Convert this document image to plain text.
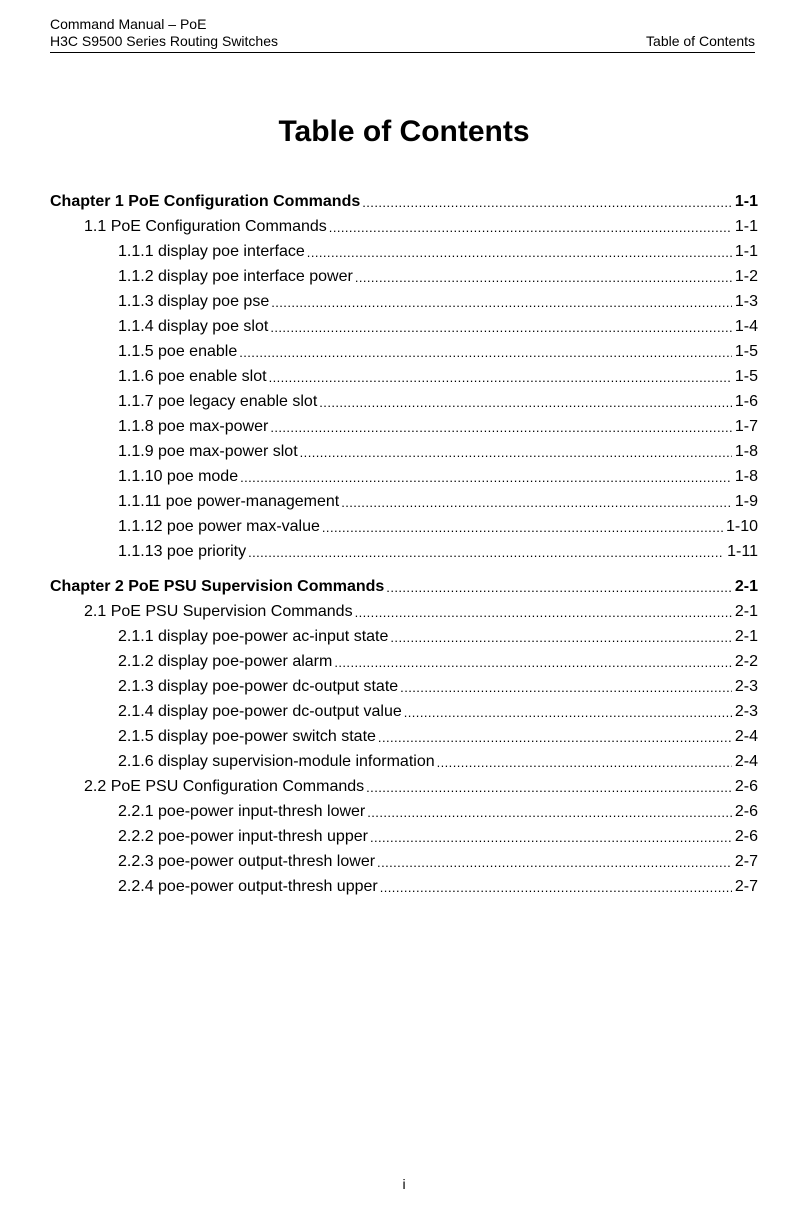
Command Manual – PoE
H3C S9500 Series Routing Switches	Table of Contents
Table of Contents
Chapter 1 PoE Configuration Commands . . .	1-1
1.1 PoE Configuration Commands . . .	1-1
1.1.1 display poe interface . . .	1-1
1.1.2 display poe interface power . . .	1-2
1.1.3 display poe pse . . .	1-3
1.1.4 display poe slot . . .	1-4
1.1.5 poe enable . . .	1-5
1.1.6 poe enable slot . . .	1-5
1.1.7 poe legacy enable slot . . .	1-6
1.1.8 poe max-power . . .	1-7
1.1.9 poe max-power slot . . .	1-8
1.1.10 poe mode . . .	1-8
1.1.11 poe power-management . . .	1-9
1.1.12 poe power max-value . . .	1-10
1.1.13 poe priority . . .	1-11
Chapter 2 PoE PSU Supervision Commands . . .	2-1
2.1 PoE PSU Supervision Commands . . .	2-1
2.1.1 display poe-power ac-input state . . .	2-1
2.1.2 display poe-power alarm . . .	2-2
2.1.3 display poe-power dc-output state . . .	2-3
2.1.4 display poe-power dc-output value . . .	2-3
2.1.5 display poe-power switch state . . .	2-4
2.1.6 display supervision-module information . . .	2-4
2.2 PoE PSU Configuration Commands . . .	2-6
2.2.1 poe-power input-thresh lower . . .	2-6
2.2.2 poe-power input-thresh upper . . .	2-6
2.2.3 poe-power output-thresh lower . . .	2-7
2.2.4 poe-power output-thresh upper . . .	2-7
i
